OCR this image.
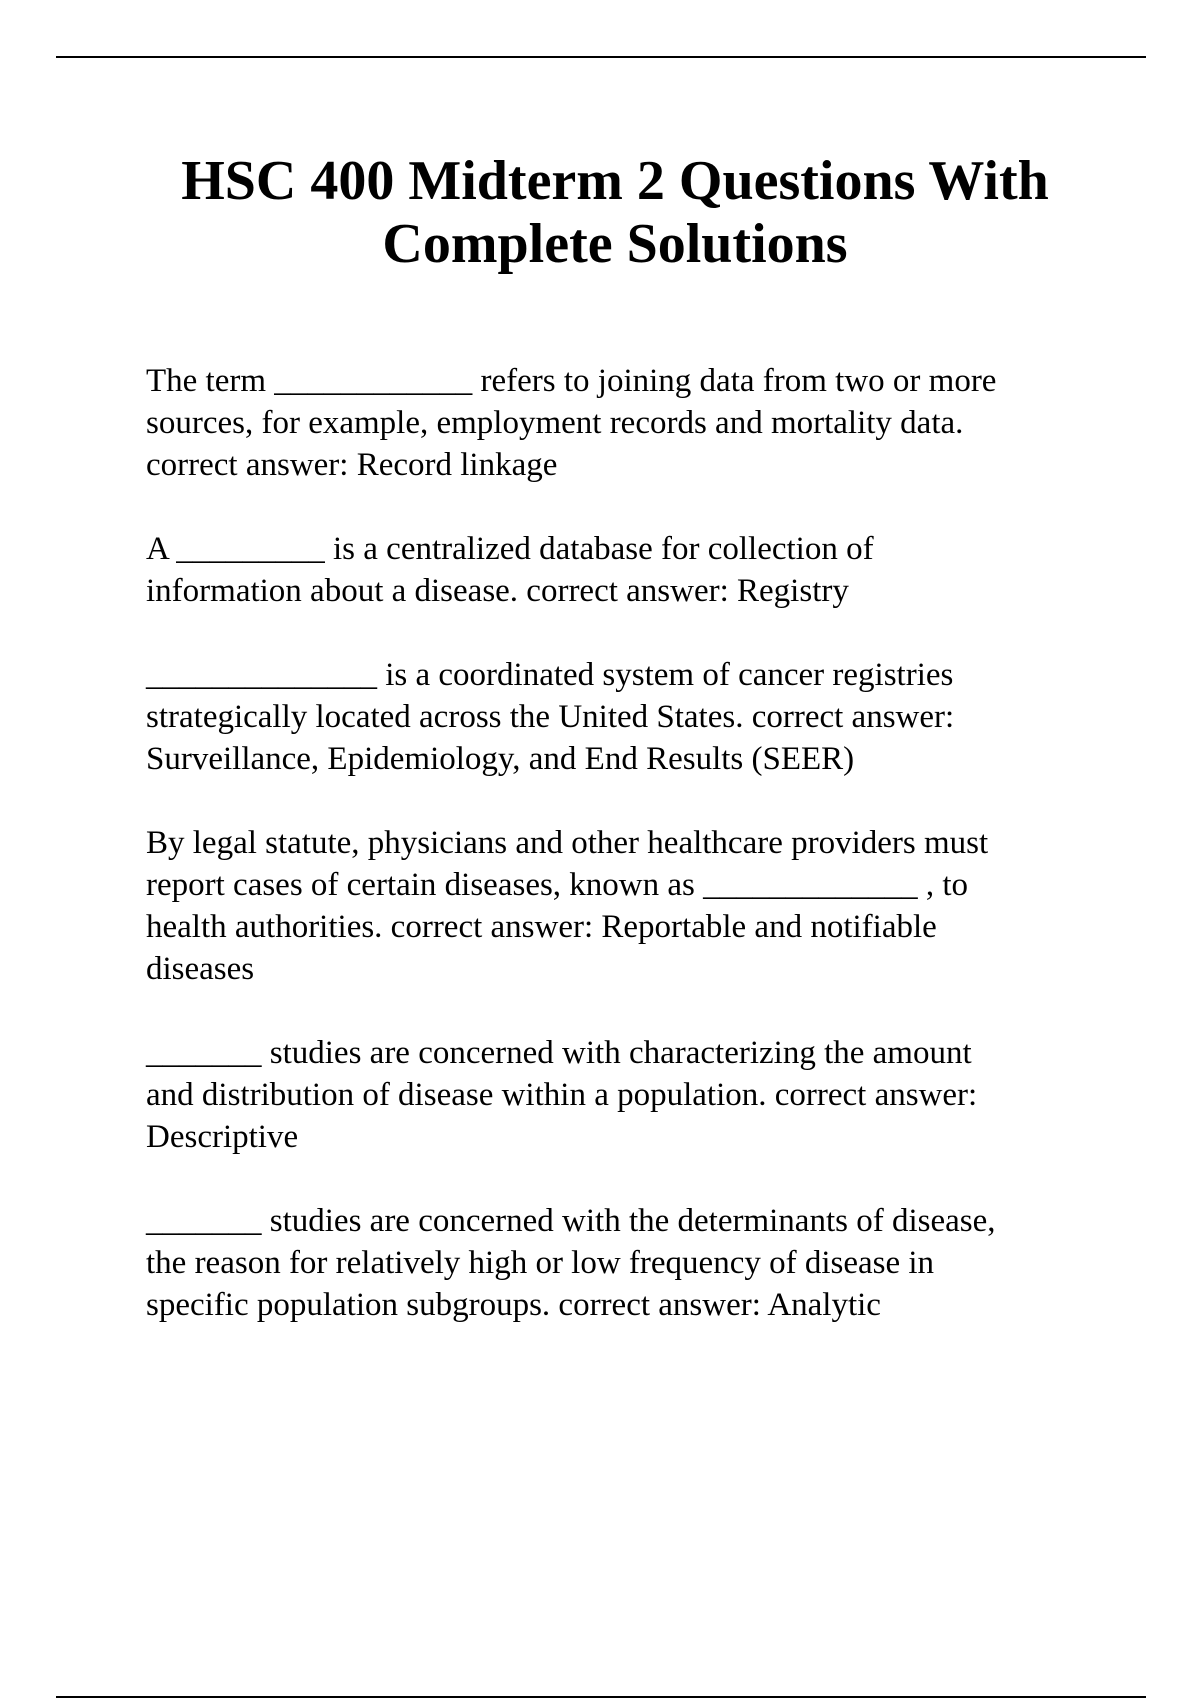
HSC 400 Midterm 2 Questions With
Complete Solutions

The term ____________ refers to joining data from two or more
sources, for example, employment records and mortality data.
correct answer: Record linkage

A _________ is a centralized database for collection of
information about a disease. correct answer: Registry

______________ is a coordinated system of cancer registries
strategically located across the United States. correct answer:
Surveillance, Epidemiology, and End Results (SEER)

By legal statute, physicians and other healthcare providers must
report cases of certain diseases, known as _____________ , to
health authorities. correct answer: Reportable and notifiable
diseases

_______ studies are concerned with characterizing the amount
and distribution of disease within a population. correct answer:
Descriptive

_______ studies are concerned with the determinants of disease,
the reason for relatively high or low frequency of disease in
specific population subgroups. correct answer: Analytic
